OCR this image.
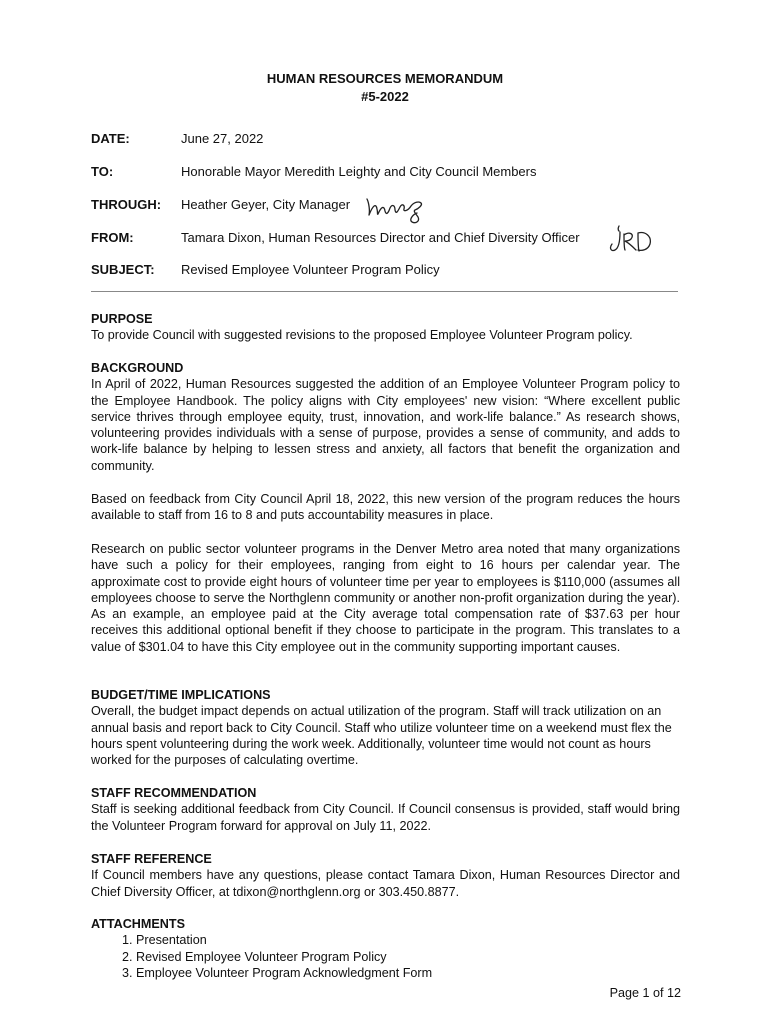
HUMAN RESOURCES MEMORANDUM
#5-2022
DATE:	June 27, 2022
TO:	Honorable Mayor Meredith Leighty and City Council Members
THROUGH: Heather Geyer, City Manager
FROM:	Tamara Dixon, Human Resources Director and Chief Diversity Officer
SUBJECT: Revised Employee Volunteer Program Policy

PURPOSE

To provide Council with suggested revisions to the proposed Employee Volunteer Program policy.

BACKGROUND

In April of 2022, Human Resources suggested the addition of an Employee Volunteer Program policy to the Employee Handbook. The policy aligns with City employees' new vision: “Where excellent public service thrives through employee equity, trust, innovation, and work-life balance.” As research shows, volunteering provides individuals with a sense of purpose, provides a sense of community, and adds to work-life balance by helping to lessen stress and anxiety, all factors that benefit the organization and community.

Based on feedback from City Council April 18, 2022, this new version of the program reduces the hours available to staff from 16 to 8 and puts accountability measures in place.
Research on public sector volunteer programs in the Denver Metro area noted that many organizations have such a policy for their employees, ranging from eight to 16 hours per calendar year. The approximate cost to provide eight hours of volunteer time per year to employees is $110,000 (assumes all employees choose to serve the Northglenn community or another non-profit organization during the year). As an example, an employee paid at the City average total compensation rate of $37.63 per hour receives this additional optional benefit if they choose to participate in the program. This translates to a value of $301.04 to have this City employee out in the community supporting important causes.

BUDGET/TIME IMPLICATIONS

Overall, the budget impact depends on actual utilization of the program. Staff will track utilization on an annual basis and report back to City Council. Staff who utilize volunteer time on a weekend must flex the hours spent volunteering during the work week. Additionally, volunteer time would not count as hours worked for the purposes of calculating overtime.

STAFF RECOMMENDATION

Staff is seeking additional feedback from City Council. If Council consensus is provided, staff would bring the Volunteer Program forward for approval on July 11, 2022.

STAFF REFERENCE

If Council members have any questions, please contact Tamara Dixon, Human Resources Director and Chief Diversity Officer, at tdixon@northglenn.org or 303.450.8877.

ATTACHMENTS

1. Presentation
2. Revised Employee Volunteer Program Policy
3. Employee Volunteer Program Acknowledgment Form
Page 1 of 12
